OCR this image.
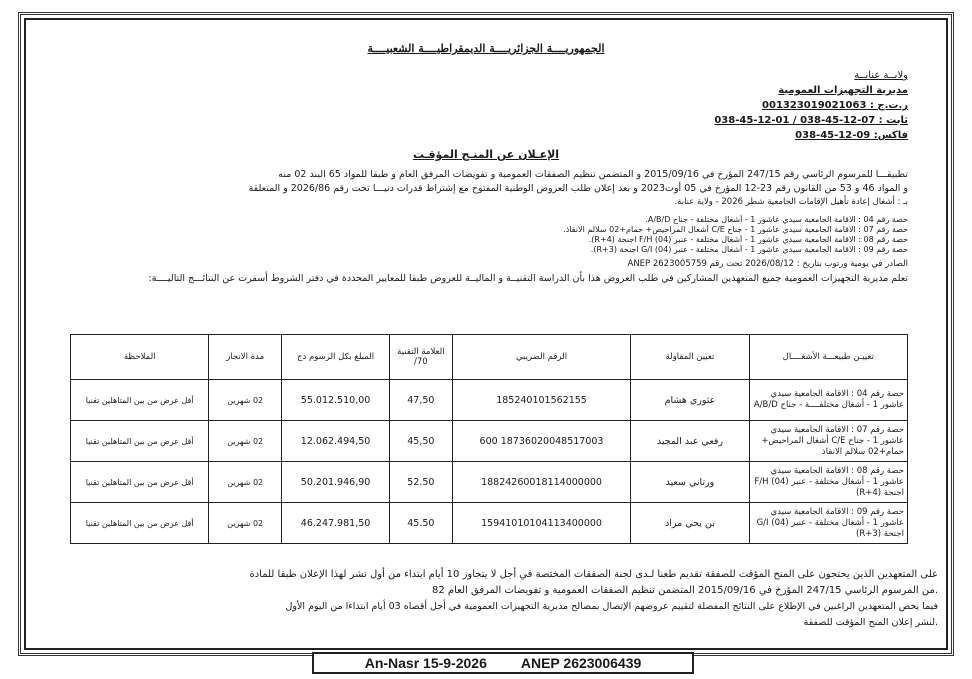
الجمهوريــــة الجزائريــــة الديمقراطيــــة الشعبيــــة
ولايــة عنابــة
مديرية التجهيزات العمومية
ر.ت.ج : 001323019021063
ثابت : 07-12-45-038 / 01-12-45-038
فاكس: 09-12-45-038
الإعـلان عن المنـح المؤقـت
تطبيقـــا للمرسوم الرئاسي رقم 247/15 المؤرخ في 2015/09/16 و المتضمن تنظيم الصفقات العمومية و تفويضات المرفق العام و طبقا للمواد 65 البند 02 منه
و المواد 46 و 53 من القانون رقم 23-12 المؤرخ في 05 أوت2023 و بعد إعلان طلب العروض الوطنية المفتوح مع إشتراط قدرات دنيـــا تحت رقم 2026/86 و المتعلقة
بـ : أشغال إعادة تأهيل الإقامات الجامعية شطر 2026 - ولاية عنابة.
حصة رقم 04 : الاقامة الجامعية سيدي عاشور 1 - أشغال مختلفة - جناح A/B/D.
حصة رقم 07 : الاقامة الجامعية سيدي عاشور 1 - جناح C/E أشغال المراحيض+ حمام+02 سلالم الانقاذ.
حصة رقم 08 : الاقامة الجامعية سيدي عاشور 1 - أشغال مختلفة - عنبر (04) F/H اجنحة (R+4).
حصة رقم 09 : الاقامة الجامعية سيدي عاشور 1 - أشغال مختلفة - عنبر (04) G/I اجنحة (R+3).
الصادر في يومية ورتوب بتاريخ : 2026/08/12 تحت رقم ANEP 2623005759
تعلم مديرية التجهيزات العمومية جميع المتعهدين المشاركين في طلب العروض هذا بأن الدراسة التقنيــة و الماليــة للعروض طبقا للمعايير المحددة في دفتر الشروط أسفرت عن النتائـــج التاليــــة:
تعييـن طبيعـــة الأشغــــال	تعيين المقاولة	الرقم الضريبي	العلامة التقنية 70/	المبلغ بكل الرسوم دج	مدة الانجاز	الملاحظة
حصة رقم 04 : الاقامة الجامعية سيدي عاشور 1 - أشغال مختلفــــة - جناح A/B/D	عثوري هشام	185240101562155	47,50	55.012.510,00	02 شهرين	أقل عرض من بين المتاهلين تقنيا
حصة رقم 07 : الاقامة الجامعية سيدي عاشور 1 - جناح C/E أشغال المراحيض+ حمام+02 سلالم الانقاذ	رفعي عبد المجيد	18736020048517003 600	45,50	12.062.494,50	02 شهرين	أقل عرض من بين المتاهلين تقنيا
حصة رقم 08 : الاقامة الجامعية سيدي عاشور 1 - أشغال مختلفة - عنبر (04) F/H اجنحة (R+4)	ورتاني سعيد	18824260018114000000	52.50	50.201.946,90	02 شهرين	أقل عرض من بين المتاهلين تقنيا
حصة رقم 09 : الاقامة الجامعية سيدي عاشور 1 - أشغال مختلفة - عنبر (04) G/I اجنحة (R+3)	بن يحي مراد	15941010104113400000	45.50	46.247.981,50	02 شهرين	أقل عرض من بين المتاهلين تقنيا
على المتعهدين الذين يحتجون على المنح المؤقت للصفقة تقديم طعنا لـدى لجنة الصفقات المختصة في أجل لا يتجاوز 10 أيام ابتداء من أول نشر لهذا الإعلان طبقا للمادة
82 من المرسوم الرئاسي 247/15 المؤرخ في 2015/09/16 المتضمن تنظيم الصفقات العمومية و تفويضات المرفق العام.
فيما يخص المتعهدين الراغبين في الإطلاع على النتائج المفصلة لتقييم عروضهم الإتصال بمصالح مديرية التجهيزات العمومية في أجل أقصاه 03 أيام ابتداءا من اليوم الأول
لنشر إعلان المنح المؤقت للصفقة.
An-Nasr 15-9-2026 ANEP 2623006439
